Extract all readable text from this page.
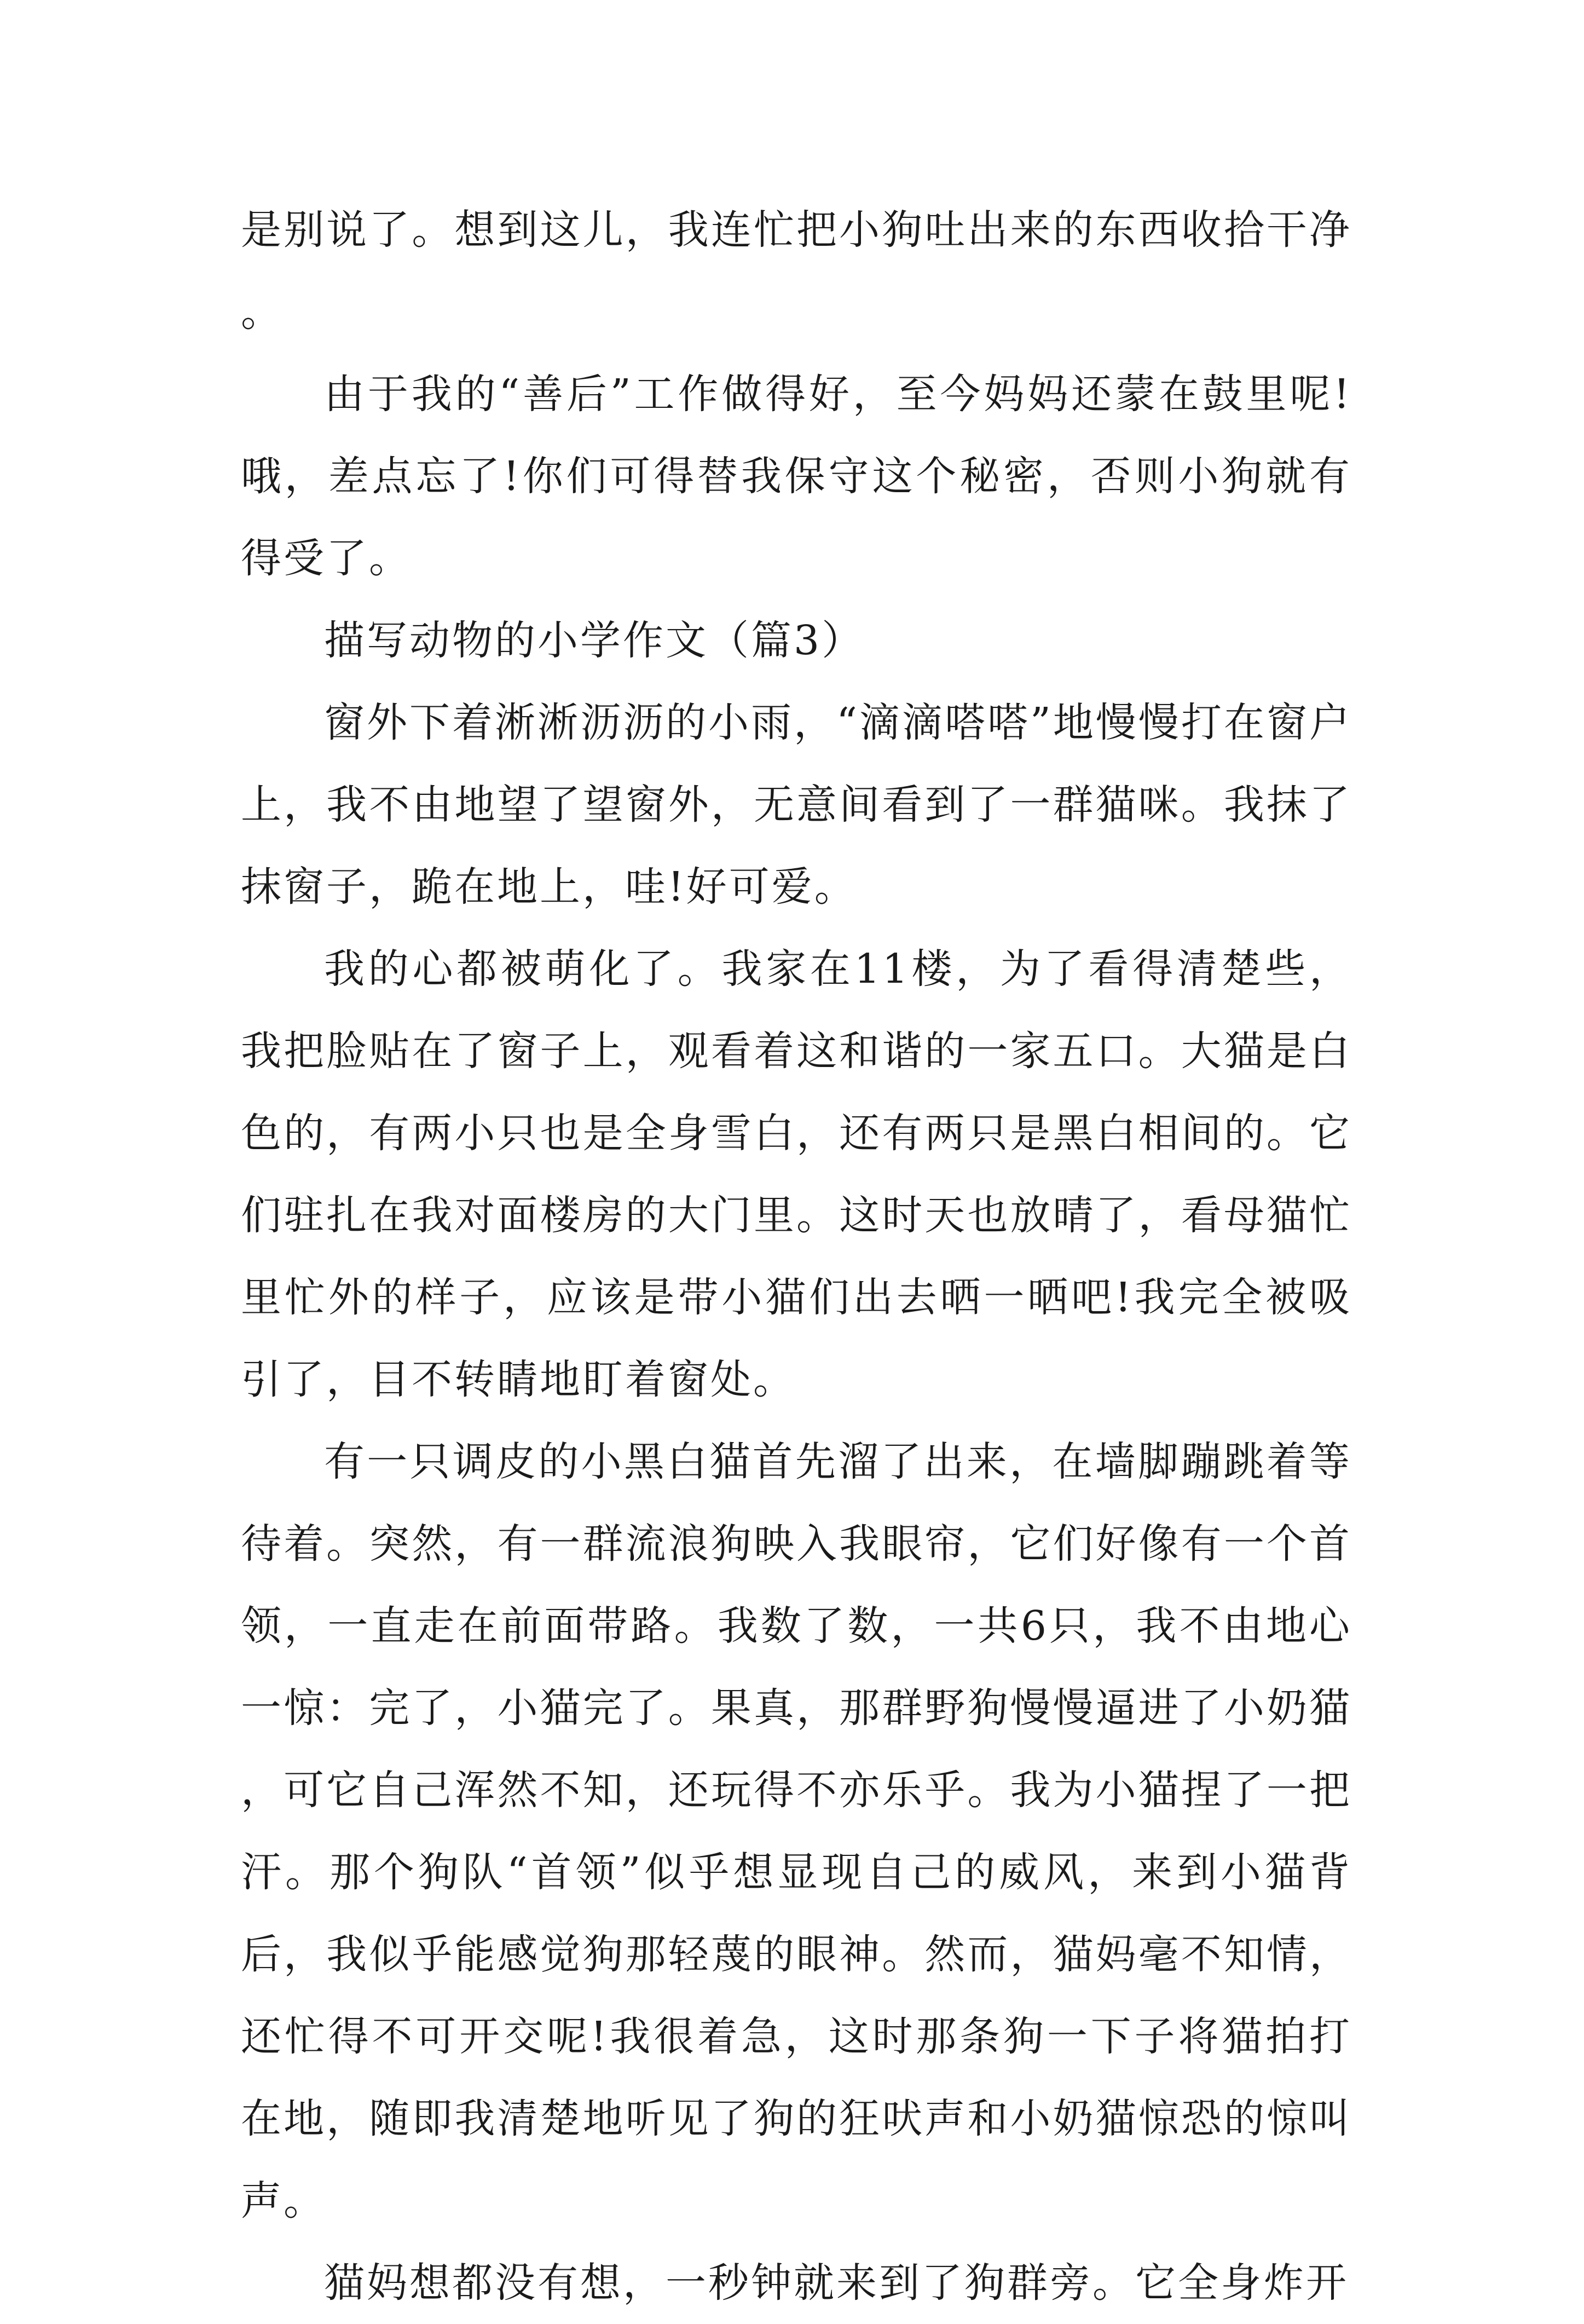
是别说了。想到这儿，我连忙把小狗吐出来的东西收拾干净。

由于我的“善后”工作做得好，至今妈妈还蒙在鼓里呢!哦，差点忘了!你们可得替我保守这个秘密，否则小狗就有得受了。

描写动物的小学作文（篇3）

窗外下着淅淅沥沥的小雨，“滴滴嗒嗒”地慢慢打在窗户上，我不由地望了望窗外，无意间看到了一群猫咪。我抹了抹窗子，跪在地上，哇!好可爱。

我的心都被萌化了。我家在11楼，为了看得清楚些，我把脸贴在了窗子上，观看着这和谐的一家五口。大猫是白色的，有两小只也是全身雪白，还有两只是黑白相间的。它们驻扎在我对面楼房的大门里。这时天也放晴了，看母猫忙里忙外的样子，应该是带小猫们出去晒一晒吧!我完全被吸引了，目不转睛地盯着窗处。

有一只调皮的小黑白猫首先溜了出来，在墙脚蹦跳着等待着。突然，有一群流浪狗映入我眼帘，它们好像有一个首领，一直走在前面带路。我数了数，一共6只，我不由地心一惊：完了，小猫完了。果真，那群野狗慢慢逼进了小奶猫，可它自己浑然不知，还玩得不亦乐乎。我为小猫捏了一把汗。那个狗队“首领”似乎想显现自己的威风，来到小猫背后，我似乎能感觉狗那轻蔑的眼神。然而，猫妈毫不知情，还忙得不可开交呢!我很着急，这时那条狗一下子将猫拍打在地，随即我清楚地听见了狗的狂吠声和小奶猫惊恐的惊叫声。

猫妈想都没有想，一秒钟就来到了狗群旁。它全身炸开
